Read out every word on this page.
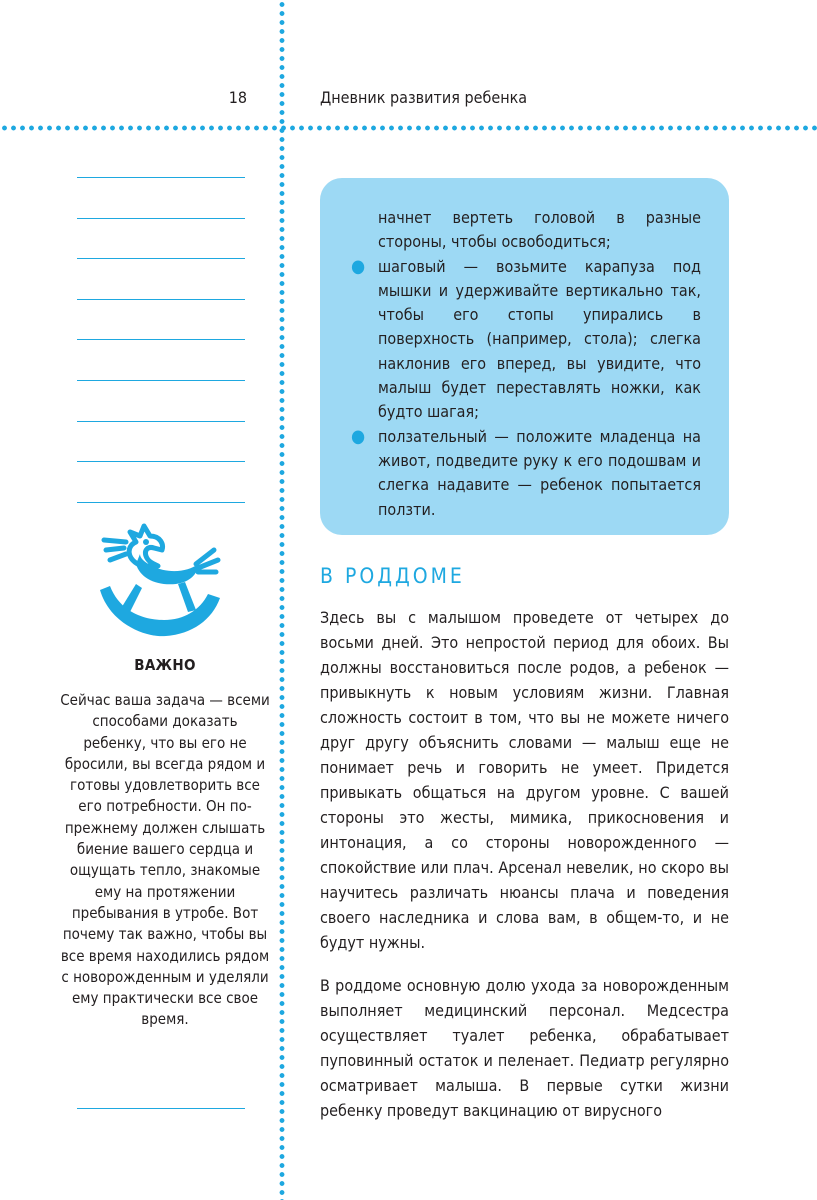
18	Дневник развития ребенка
ВАЖНО

Сейчас ваша задача — всеми способами доказать ребенку, что вы его не бросили, вы всегда рядом и готовы удовлетворить все его потребности. Он по-прежнему должен слышать биение вашего сердца и ощущать тепло, знакомые ему на протяжении пребывания в утробе. Вот почему так важно, чтобы вы все время находились рядом с новорожденным и уделяли ему практически все свое время.

начнет вертеть головой в разные стороны, чтобы освободиться;
● шаговый — возьмите карапуза под мышки и удерживайте вертикально так, чтобы его стопы упирались в поверхность (например, стола); слегка наклонив его вперед, вы увидите, что малыш будет переставлять ножки, как будто шагая;
● ползательный — положите младенца на живот, подведите руку к его подошвам и слегка надавите — ребенок попытается ползти.
В РОДДОМЕ

Здесь вы с малышом проведете от четырех до восьми дней. Это непростой период для обоих. Вы должны восстановиться после родов, а ребенок — привыкнуть к новым условиям жизни. Главная сложность состоит в том, что вы не можете ничего друг другу объяснить словами — малыш еще не понимает речь и говорить не умеет. Придется привыкать общаться на другом уровне. С вашей стороны это жесты, мимика, прикосновения и интонация, а со стороны новорожденного — спокойствие или плач. Арсенал невелик, но скоро вы научитесь различать нюансы плача и поведения своего наследника и слова вам, в общем-то, и не будут нужны.

В роддоме основную долю ухода за новорожденным выполняет медицинский персонал. Медсестра осуществляет туалет ребенка, обрабатывает пуповинный остаток и пеленает. Педиатр регулярно осматривает малыша. В первые сутки жизни ребенку проведут вакцинацию от вирусного
